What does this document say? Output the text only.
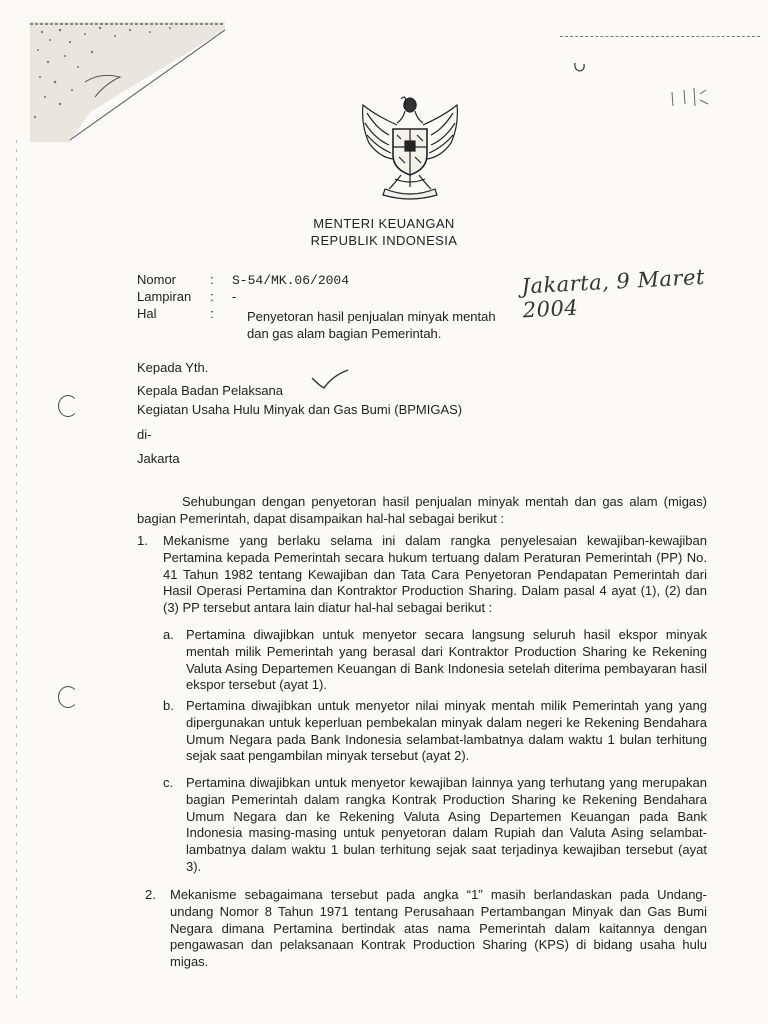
MENTERI KEUANGAN
REPUBLIK INDONESIA
Nomor	: S-54/MK.06/2004
Lampiran : -
Hal	:	Penyetoran hasil penjualan minyak mentah
dan gas alam bagian Pemerintah.
Jakarta, 9 Maret 2004
Kepada Yth.
Kepala Badan Pelaksana
Kegiatan Usaha Hulu Minyak dan Gas Bumi (BPMIGAS)
di-
Jakarta
Sehubungan dengan penyetoran hasil penjualan minyak mentah dan gas alam (migas) bagian Pemerintah, dapat disampaikan hal-hal sebagai berikut :
1. Mekanisme yang berlaku selama ini dalam rangka penyelesaian kewajiban-kewajiban Pertamina kepada Pemerintah secara hukum tertuang dalam Peraturan Pemerintah (PP) No. 41 Tahun 1982 tentang Kewajiban dan Tata Cara Penyetoran Pendapatan Pemerintah dari Hasil Operasi Pertamina dan Kontraktor Production Sharing. Dalam pasal 4 ayat (1), (2) dan (3) PP tersebut antara lain diatur hal-hal sebagai berikut :
a. Pertamina diwajibkan untuk menyetor secara langsung seluruh hasil ekspor minyak mentah milik Pemerintah yang berasal dari Kontraktor Production Sharing ke Rekening Valuta Asing Departemen Keuangan di Bank Indonesia setelah diterima pembayaran hasil ekspor tersebut (ayat 1).
b. Pertamina diwajibkan untuk menyetor nilai minyak mentah milik Pemerintah yang yang dipergunakan untuk keperluan pembekalan minyak dalam negeri ke Rekening Bendahara Umum Negara pada Bank Indonesia selambat-lambatnya dalam waktu 1 bulan terhitung sejak saat pengambilan minyak tersebut (ayat 2).
c. Pertamina diwajibkan untuk menyetor kewajiban lainnya yang terhutang yang merupakan bagian Pemerintah dalam rangka Kontrak Production Sharing ke Rekening Bendahara Umum Negara dan ke Rekening Valuta Asing Departemen Keuangan pada Bank Indonesia masing-masing untuk penyetoran dalam Rupiah dan Valuta Asing selambat-lambatnya dalam waktu 1 bulan terhitung sejak saat terjadinya kewajiban tersebut (ayat 3).
2. Mekanisme sebagaimana tersebut pada angka “1” masih berlandaskan pada Undang-undang Nomor 8 Tahun 1971 tentang Perusahaan Pertambangan Minyak dan Gas Bumi Negara dimana Pertamina bertindak atas nama Pemerintah dalam kaitannya dengan pengawasan dan pelaksanaan Kontrak Production Sharing (KPS) di bidang usaha hulu migas.
